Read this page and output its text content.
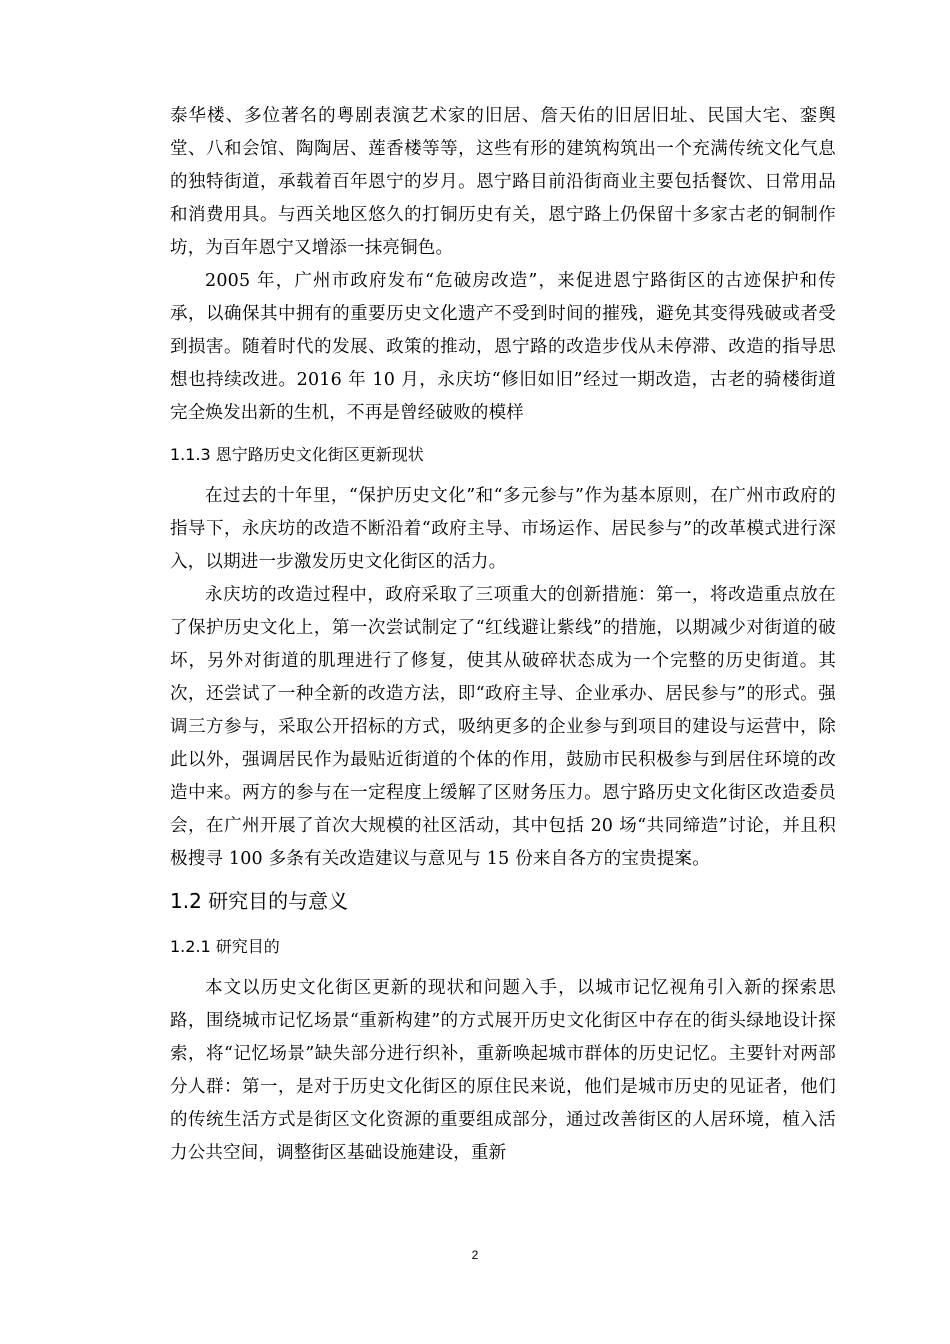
泰华楼、多位著名的粤剧表演艺术家的旧居、詹天佑的旧居旧址、民国大宅、銮舆堂、八和会馆、陶陶居、莲香楼等等，这些有形的建筑构筑出一个充满传统文化气息的独特街道，承载着百年恩宁的岁月。恩宁路目前沿街商业主要包括餐饮、日常用品和消费用具。与西关地区悠久的打铜历史有关，恩宁路上仍保留十多家古老的铜制作坊，为百年恩宁又增添一抹亮铜色。

2005 年，广州市政府发布“危破房改造”，来促进恩宁路街区的古迹保护和传承，以确保其中拥有的重要历史文化遗产不受到时间的摧残，避免其变得残破或者受到损害。随着时代的发展、政策的推动，恩宁路的改造步伐从未停滞、改造的指导思想也持续改进。2016 年 10 月，永庆坊“修旧如旧”经过一期改造，古老的骑楼街道完全焕发出新的生机，不再是曾经破败的模样

1.1.3 恩宁路历史文化街区更新现状

在过去的十年里，“保护历史文化”和“多元参与”作为基本原则，在广州市政府的指导下，永庆坊的改造不断沿着“政府主导、市场运作、居民参与”的改革模式进行深入，以期进一步激发历史文化街区的活力。

永庆坊的改造过程中，政府采取了三项重大的创新措施：第一，将改造重点放在了保护历史文化上，第一次尝试制定了“红线避让紫线”的措施，以期减少对街道的破坏，另外对街道的肌理进行了修复，使其从破碎状态成为一个完整的历史街道。其次，还尝试了一种全新的改造方法，即“政府主导、企业承办、居民参与”的形式。强调三方参与，采取公开招标的方式，吸纳更多的企业参与到项目的建设与运营中，除此以外，强调居民作为最贴近街道的个体的作用，鼓励市民积极参与到居住环境的改造中来。两方的参与在一定程度上缓解了区财务压力。恩宁路历史文化街区改造委员会，在广州开展了首次大规模的社区活动，其中包括 20 场“共同缔造”讨论，并且积极搜寻 100 多条有关改造建议与意见与 15 份来自各方的宝贵提案。

1.2 研究目的与意义
1.2.1 研究目的

本文以历史文化街区更新的现状和问题入手，以城市记忆视角引入新的探索思路，围绕城市记忆场景“重新构建”的方式展开历史文化街区中存在的街头绿地设计探索，将“记忆场景”缺失部分进行织补，重新唤起城市群体的历史记忆。主要针对两部分人群：第一，是对于历史文化街区的原住民来说，他们是城市历史的见证者，他们的传统生活方式是街区文化资源的重要组成部分，通过改善街区的人居环境，植入活力公共空间，调整街区基础设施建设，重新

2
